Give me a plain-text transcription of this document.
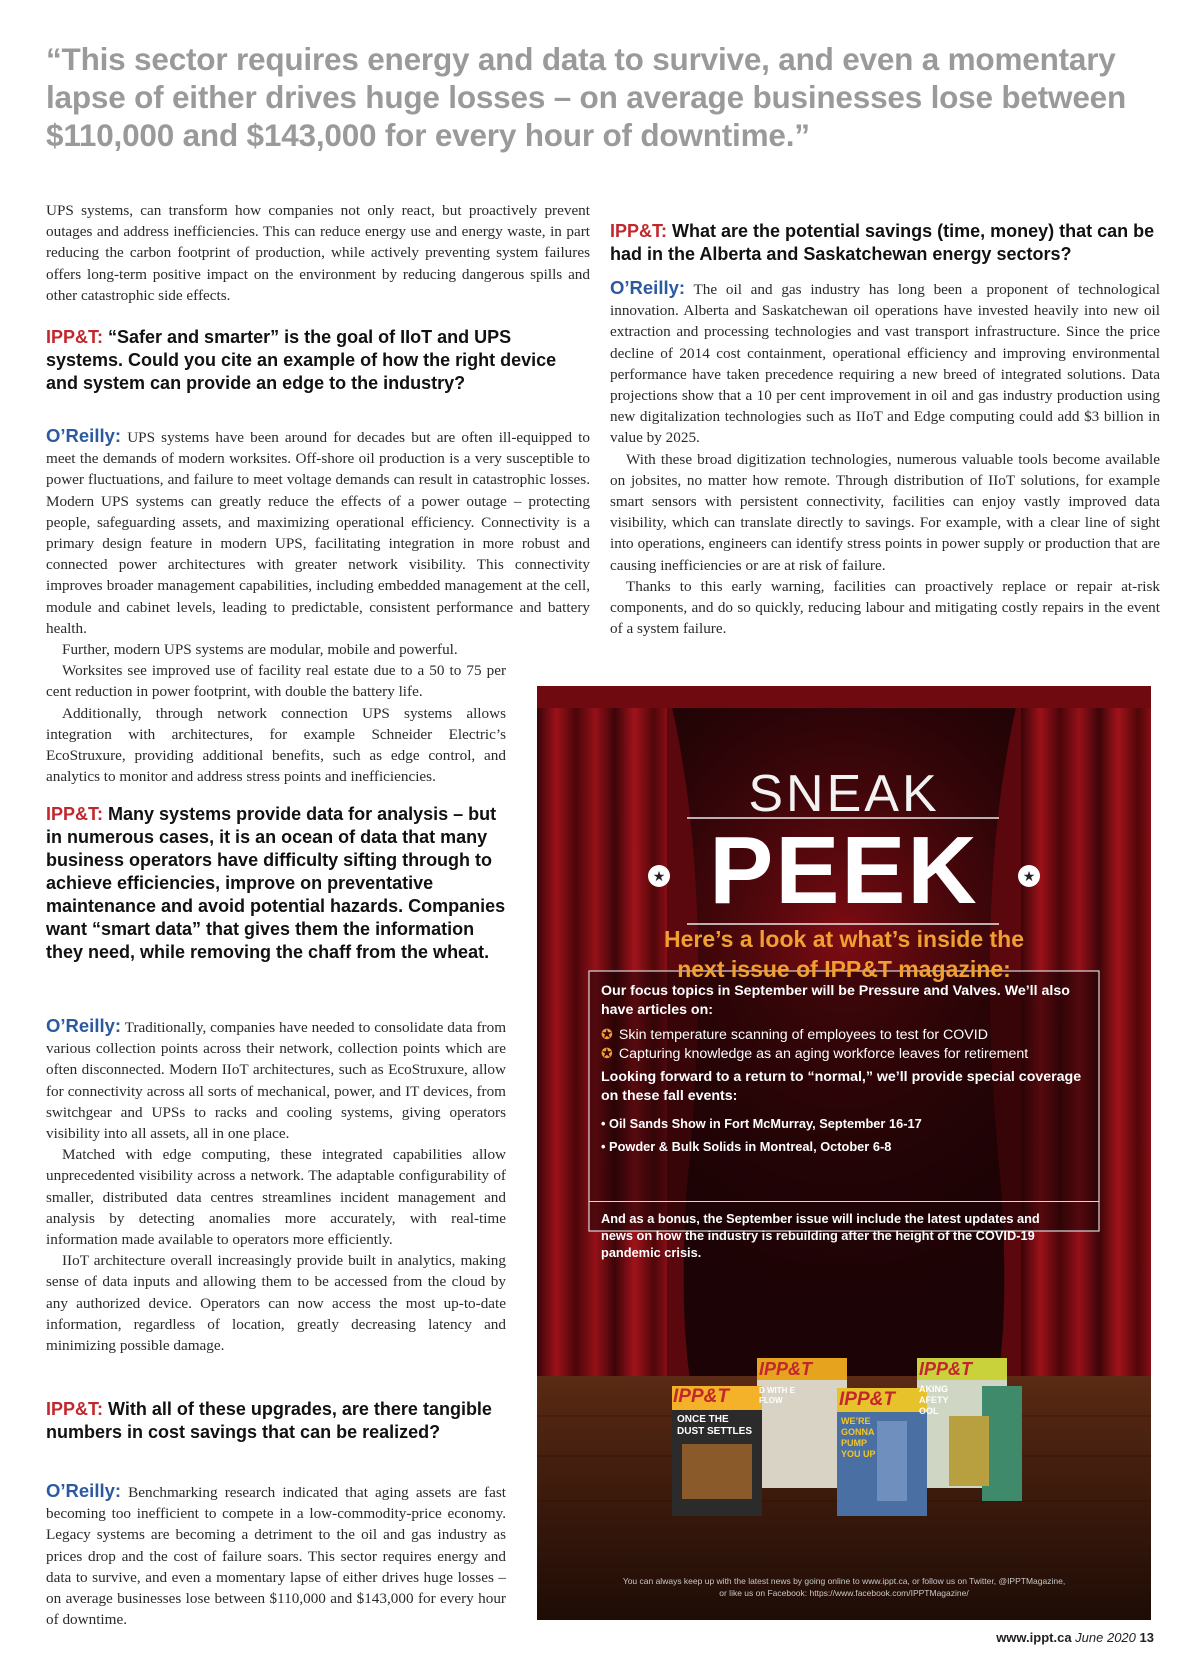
“This sector requires energy and data to survive, and even a momentary lapse of either drives huge losses – on average businesses lose between $110,000 and $143,000 for every hour of downtime.”

UPS systems, can transform how companies not only react, but proactively prevent outages and address inefficiencies. This can reduce energy use and energy waste, in part reducing the carbon footprint of production, while actively preventing system failures offers long-term positive impact on the environment by reducing dangerous spills and other catastrophic side effects.

IPP&T: “Safer and smarter” is the goal of IIoT and UPS systems. Could you cite an example of how the right device and system can provide an edge to the industry?

O’Reilly: UPS systems have been around for decades but are often ill-equipped to meet the demands of modern worksites. Off-shore oil production is a very susceptible to power fluctuations, and failure to meet voltage demands can result in catastrophic losses. Modern UPS systems can greatly reduce the effects of a power outage – protecting people, safeguarding assets, and maximizing operational efficiency. Connectivity is a primary design feature in modern UPS, facilitating integration in more robust and connected power architectures with greater network visibility. This connectivity improves broader management capabilities, including embedded management at the cell, module and cabinet levels, leading to predictable, consistent performance and battery health.

Further, modern UPS systems are modular, mobile and powerful.

Worksites see improved use of facility real estate due to a 50 to 75 per cent reduction in power footprint, with double the battery life.

Additionally, through network connection UPS systems allows integration with architectures, for example Schneider Electric’s EcoStruxure, providing additional benefits, such as edge control, and analytics to monitor and address stress points and inefficiencies.

IPP&T: Many systems provide data for analysis – but in numerous cases, it is an ocean of data that many business operators have difficulty sifting through to achieve efficiencies, improve on preventative maintenance and avoid potential hazards. Companies want “smart data” that gives them the information they need, while removing the chaff from the wheat.

O’Reilly: Traditionally, companies have needed to consolidate data from various collection points across their network, collection points which are often disconnected. Modern IIoT architectures, such as EcoStruxure, allow for connectivity across all sorts of mechanical, power, and IT devices, from switchgear and UPSs to racks and cooling systems, giving operators visibility into all assets, all in one place.

Matched with edge computing, these integrated capabilities allow unprecedented visibility across a network. The adaptable configurability of smaller, distributed data centres streamlines incident management and analysis by detecting anomalies more accurately, with real-time information made available to operators more efficiently.

IIoT architecture overall increasingly provide built in analytics, making sense of data inputs and allowing them to be accessed from the cloud by any authorized device. Operators can now access the most up-to-date information, regardless of location, greatly decreasing latency and minimizing possible damage.

IPP&T: With all of these upgrades, are there tangible numbers in cost savings that can be realized?

O’Reilly: Benchmarking research indicated that aging assets are fast becoming too inefficient to compete in a low-commodity-price economy. Legacy systems are becoming a detriment to the oil and gas industry as prices drop and the cost of failure soars. This sector requires energy and data to survive, and even a momentary lapse of either drives huge losses – on average businesses lose between $110,000 and $143,000 for every hour of downtime.

IPP&T: What are the potential savings (time, money) that can be had in the Alberta and Saskatchewan energy sectors?

O’Reilly: The oil and gas industry has long been a proponent of technological innovation. Alberta and Saskatchewan oil operations have invested heavily into new oil extraction and processing technologies and vast transport infrastructure. Since the price decline of 2014 cost containment, operational efficiency and improving environmental performance have taken precedence requiring a new breed of integrated solutions. Data projections show that a 10 per cent improvement in oil and gas industry production using new digitalization technologies such as IIoT and Edge computing could add $3 billion in value by 2025.

With these broad digitization technologies, numerous valuable tools become available on jobsites, no matter how remote. Through distribution of IIoT solutions, for example smart sensors with persistent connectivity, facilities can enjoy vastly improved data visibility, which can translate directly to savings. For example, with a clear line of sight into operations, engineers can identify stress points in power supply or production that are causing inefficiencies or are at risk of failure.

Thanks to this early warning, facilities can proactively replace or repair at-risk components, and do so quickly, reducing labour and mitigating costly repairs in the event of a system failure.

★	★
SNEAK
PEEK
Here’s a look at what’s inside the
next issue of IPP&T magazine:
Our focus topics in September will be Pressure and Valves. We’ll also have articles on:
✪ Skin temperature scanning of employees to test for COVID
✪ Capturing knowledge as an aging workforce leaves for retirement
Looking forward to a return to “normal,” we’ll provide special coverage on these fall events:
• Oil Sands Show in Fort McMurray, September 16-17
• Powder & Bulk Solids in Montreal, October 6-8
And as a bonus, the September issue will include the latest updates and news on how the industry is rebuilding after the height of the COVID-19 pandemic crisis.
IPP&T
IPP&T
IPP&T
IPP&T
ONCE THE DUST SETTLES
D WITH E FLOW
WE’RE GONNA PUMP YOU UP
AKING AFETY OOL
You can always keep up with the latest news by going online to www.ippt.ca, or follow us on Twitter, @IPPTMagazine,
or like us on Facebook: https://www.facebook.com/IPPTMagazine/
www.ippt.ca June 2020 13
